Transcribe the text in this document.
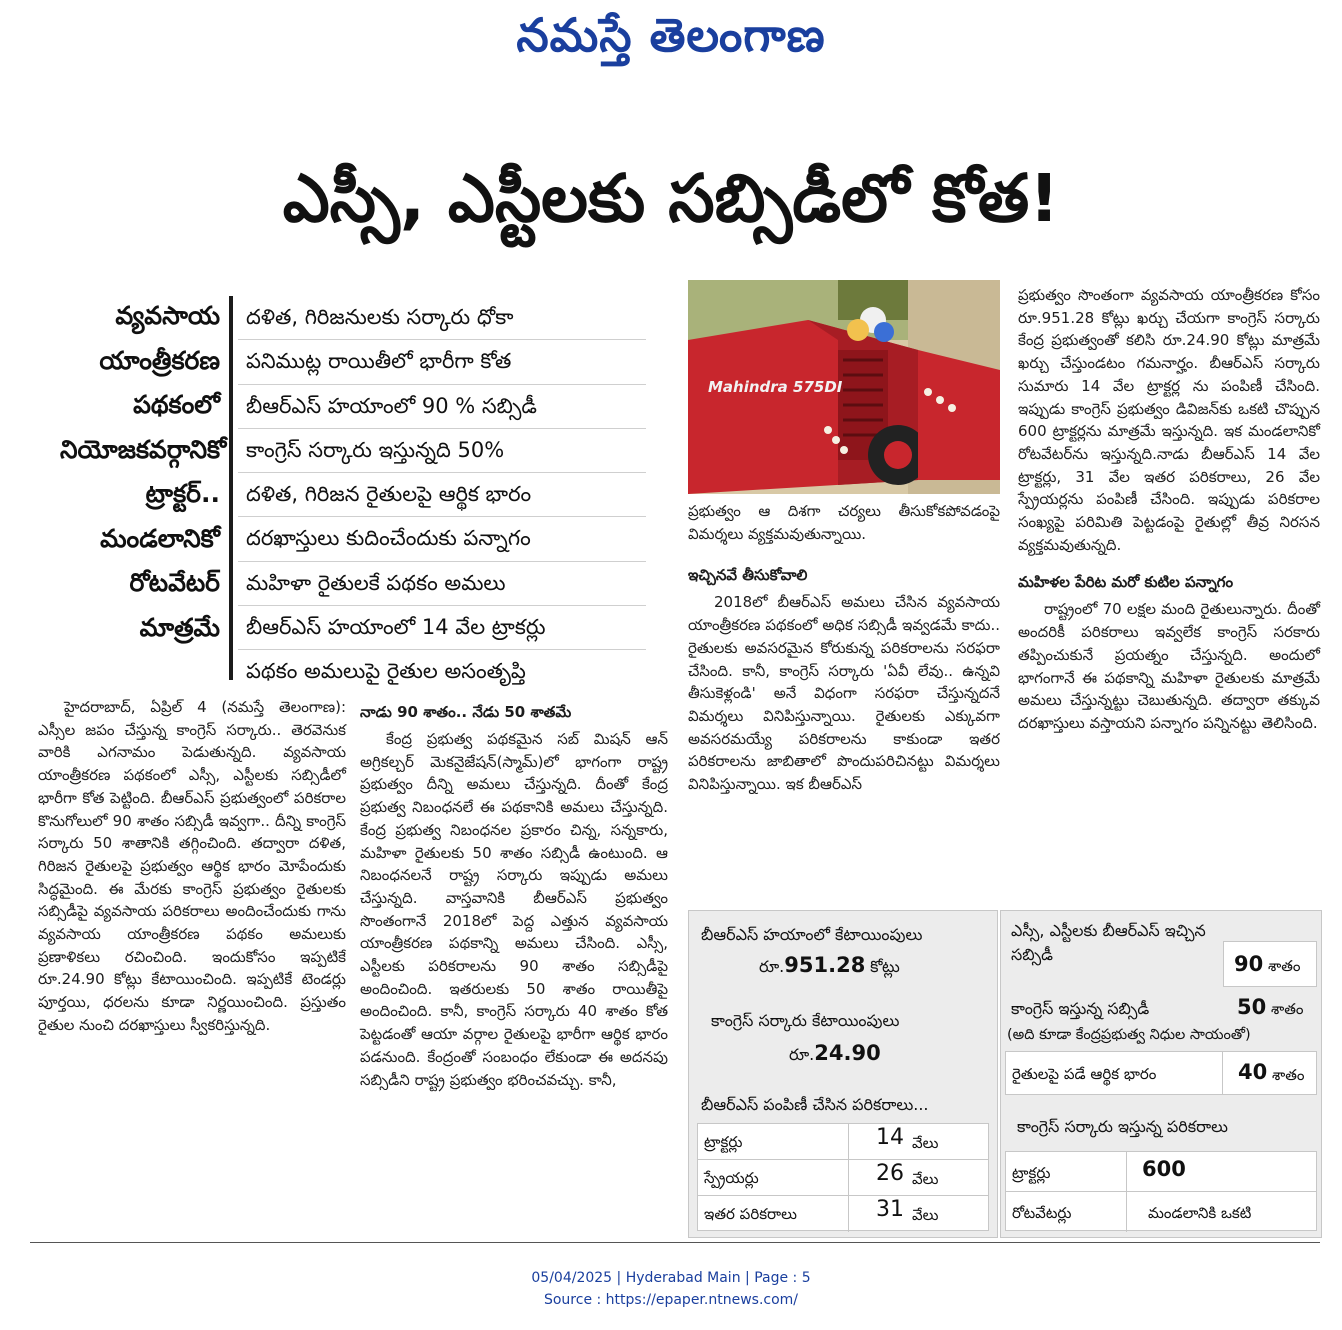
నమస్తే తెలంగాణ
ఎస్సీ, ఎస్టీలకు సబ్సిడీలో కోత!
వ్యవసాయ
యాంత్రీకరణ
పథకంలో
నియోజకవర్గానికో
ట్రాక్టర్..
మండలానికో
రోటవేటర్
మాత్రమే
దళిత, గిరిజనులకు సర్కారు ధోకా
పనిముట్ల రాయితీలో భారీగా కోత
బీఆర్ఎస్ హయాంలో 90 % సబ్సిడీ
కాంగ్రెస్ సర్కారు ఇస్తున్నది 50%
దళిత, గిరిజన రైతులపై ఆర్థిక భారం
దరఖాస్తులు కుదించేందుకు పన్నాగం
మహిళా రైతులకే పథకం అమలు
బీఆర్ఎస్ హయాంలో 14 వేల ట్రాకర్లు
పథకం అమలుపై రైతుల అసంతృప్తి
Mahindra 575DI

హైదరాబాద్, ఏప్రిల్ 4 (నమస్తే తెలంగాణ): ఎస్సీల జపం చేస్తున్న కాంగ్రెస్ సర్కారు.. తెరవెనుక వారికి ఎగనామం పెడుతున్నది. వ్యవసాయ యాంత్రీకరణ పథకంలో ఎస్సీ, ఎస్టీలకు సబ్సిడీలో భారీగా కోత పెట్టింది. బీఆర్ఎస్ ప్రభుత్వంలో పరికరాల కొనుగోలులో 90 శాతం సబ్సిడీ ఇవ్వగా.. దీన్ని కాంగ్రెస్ సర్కారు 50 శాతానికి తగ్గించింది. తద్వారా దళిత, గిరిజన రైతులపై ప్రభుత్వం ఆర్థిక భారం మోపేందుకు సిద్ధమైంది. ఈ మేరకు కాంగ్రెస్ ప్రభుత్వం రైతులకు సబ్సిడీపై వ్యవసాయ పరికరాలు అందించేందుకు గాను వ్యవసాయ యాంత్రీకరణ పథకం అమలుకు ప్రణాళికలు రచించింది. ఇందుకోసం ఇప్పటికే రూ.24.90 కోట్లు కేటాయించింది. ఇప్పటికే టెండర్లు పూర్తయి, ధరలను కూడా నిర్ణయించింది. ప్రస్తుతం రైతుల నుంచి దరఖాస్తులు స్వీకరిస్తున్నది.

నాడు 90 శాతం.. నేడు 50 శాతమే

కేంద్ర ప్రభుత్వ పథకమైన సబ్ మిషన్ ఆన్ అగ్రికల్చర్ మెకనైజేషన్(స్మామ్)లో భాగంగా రాష్ట్ర ప్రభుత్వం దీన్ని అమలు చేస్తున్నది. దీంతో కేంద్ర ప్రభుత్వ నిబంధనలే ఈ పథకానికి అమలు చేస్తున్నది. కేంద్ర ప్రభుత్వ నిబంధనల ప్రకారం చిన్న, సన్నకారు, మహిళా రైతులకు 50 శాతం సబ్సిడీ ఉంటుంది. ఆ నిబంధనలనే రాష్ట్ర సర్కారు ఇప్పుడు అమలు చేస్తున్నది. వాస్తవానికి బీఆర్ఎస్ ప్రభుత్వం సొంతంగానే 2018లో పెద్ద ఎత్తున వ్యవసాయ యాంత్రీకరణ పథకాన్ని అమలు చేసింది. ఎస్సీ, ఎస్టీలకు పరికరాలను 90 శాతం సబ్సిడీపై అందించింది. ఇతరులకు 50 శాతం రాయితీపై అందించింది. కానీ, కాంగ్రెస్ సర్కారు 40 శాతం కోత పెట్టడంతో ఆయా వర్గాల రైతులపై భారీగా ఆర్థిక భారం పడనుంది. కేంద్రంతో సంబంధం లేకుండా ఈ అదనపు సబ్సిడీని రాష్ట్ర ప్రభుత్వం భరించవచ్చు. కానీ,

ప్రభుత్వం ఆ దిశగా చర్యలు తీసుకోకపోవడంపై విమర్శలు వ్యక్తమవుతున్నాయి.

ఇచ్చినవే తీసుకోవాలి

2018లో బీఆర్ఎస్ అమలు చేసిన వ్యవసాయ యాంత్రీకరణ పథకంలో అధిక సబ్సిడీ ఇవ్వడమే కాదు.. రైతులకు అవసరమైన కోరుకున్న పరికరాలను సరఫరా చేసింది. కానీ, కాంగ్రెస్ సర్కారు 'ఏవీ లేవు.. ఉన్నవి తీసుకెళ్లండి' అనే విధంగా సరఫరా చేస్తున్నదనే విమర్శలు వినిపిస్తున్నాయి. రైతులకు ఎక్కువగా అవసరమయ్యే పరికరాలను కాకుండా ఇతర పరికరాలను జాబితాలో పొందుపరిచినట్టు విమర్శలు వినిపిస్తున్నాయి. ఇక బీఆర్ఎస్

ప్రభుత్వం సొంతంగా వ్యవసాయ యాంత్రీకరణ కోసం రూ.951.28 కోట్లు ఖర్చు చేయగా కాంగ్రెస్ సర్కారు కేంద్ర ప్రభుత్వంతో కలిసి రూ.24.90 కోట్లు మాత్రమే ఖర్చు చేస్తుండటం గమనార్హం. బీఆర్ఎస్ సర్కారు సుమారు 14 వేల ట్రాక్టర్ల ను పంపిణీ చేసింది. ఇప్పుడు కాంగ్రెస్ ప్రభుత్వం డివిజన్‌కు ఒకటి చొప్పున 600 ట్రాక్టర్లను మాత్రమే ఇస్తున్నది. ఇక మండలానికో రోటవేటర్‌ను ఇస్తున్నది.నాడు బీఆర్ఎస్ 14 వేల ట్రాక్టర్లు, 31 వేల ఇతర పరికరాలు, 26 వేల స్ప్రేయర్లను పంపిణీ చేసింది. ఇప్పుడు పరికరాల సంఖ్యపై పరిమితి పెట్టడంపై రైతుల్లో తీవ్ర నిరసన వ్యక్తమవుతున్నది.

మహిళల పేరిట మరో కుటిల పన్నాగం

రాష్ట్రంలో 70 లక్షల మంది రైతులున్నారు. దీంతో అందరికీ పరికరాలు ఇవ్వలేక కాంగ్రెస్ సరకారు తప్పించుకునే ప్రయత్నం చేస్తున్నది. అందులో భాగంగానే ఈ పథకాన్ని మహిళా రైతులకు మాత్రమే అమలు చేస్తున్నట్టు చెబుతున్నది. తద్వారా తక్కువ దరఖాస్తులు వస్తాయని పన్నాగం పన్నినట్టు తెలిసింది.

బీఆర్ఎస్ హయాంలో కేటాయింపులు
రూ.951.28 కోట్లు
కాంగ్రెస్ సర్కారు కేటాయింపులు
రూ.24.90
బీఆర్ఎస్ పంపిణీ చేసిన పరికరాలు...
ట్రాక్టర్లు	14 వేలు
స్ప్రేయర్లు	26 వేలు
ఇతర పరికరాలు	31 వేలు
ఎస్సీ, ఎస్టీలకు బీఆర్ఎస్ ఇచ్చిన సబ్సిడీ	90 శాతం
కాంగ్రెస్ ఇస్తున్న సబ్సిడీ	50 శాతం
(అది కూడా కేంద్రప్రభుత్వ నిధుల సాయంతో)
రైతులపై పడే ఆర్థిక భారం	40 శాతం
కాంగ్రెస్ సర్కారు ఇస్తున్న పరికరాలు
ట్రాక్టర్లు	600
రోటవేటర్లు	మండలానికి ఒకటి
05/04/2025 | Hyderabad Main | Page : 5
Source : https://epaper.ntnews.com/
